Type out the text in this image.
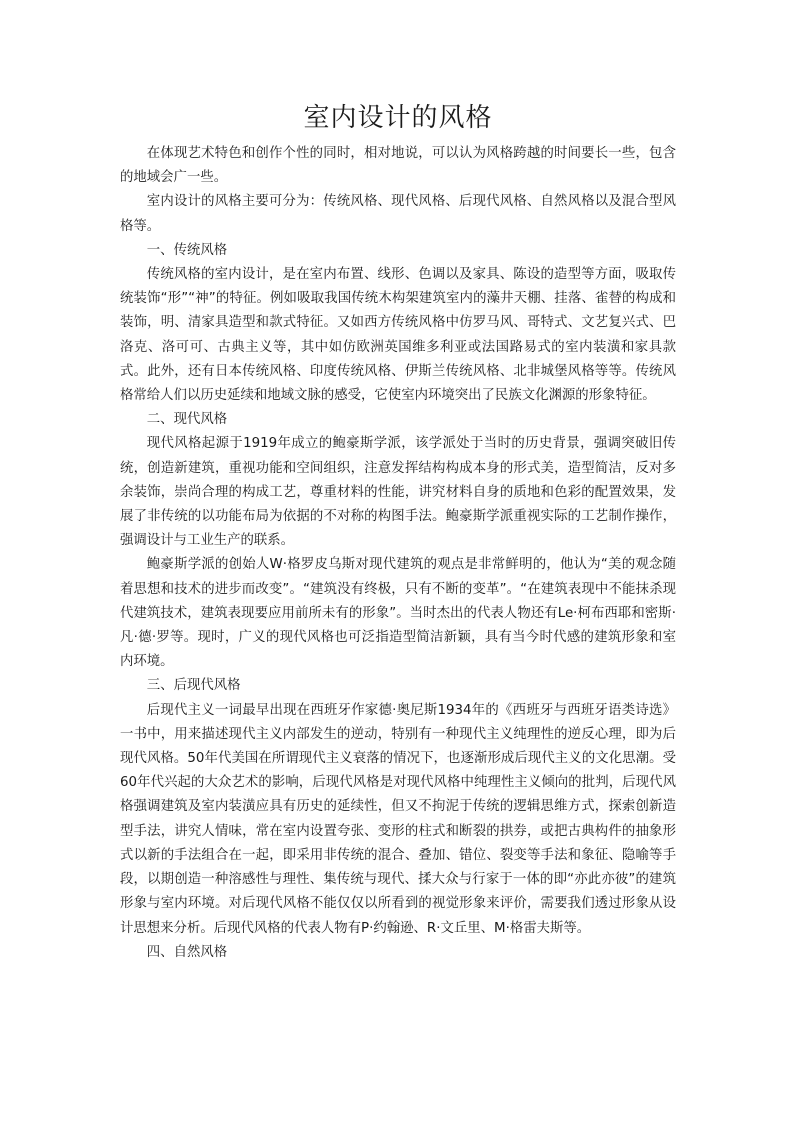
室内设计的风格

在体现艺术特色和创作个性的同时，相对地说，可以认为风格跨越的时间要长一些，包含的地域会广一些。

室内设计的风格主要可分为：传统风格、现代风格、后现代风格、自然风格以及混合型风格等。

一、传统风格

传统风格的室内设计，是在室内布置、线形、色调以及家具、陈设的造型等方面，吸取传统装饰“形”“神”的特征。例如吸取我国传统木构架建筑室内的藻井天棚、挂落、雀替的构成和装饰，明、清家具造型和款式特征。又如西方传统风格中仿罗马风、哥特式、文艺复兴式、巴洛克、洛可可、古典主义等，其中如仿欧洲英国维多利亚或法国路易式的室内装潢和家具款式。此外，还有日本传统风格、印度传统风格、伊斯兰传统风格、北非城堡风格等等。传统风格常给人们以历史延续和地域文脉的感受，它使室内环境突出了民族文化渊源的形象特征。

二、现代风格

现代风格起源于1919年成立的鲍豪斯学派，该学派处于当时的历史背景，强调突破旧传统，创造新建筑，重视功能和空间组织，注意发挥结构构成本身的形式美，造型简洁，反对多余装饰，崇尚合理的构成工艺，尊重材料的性能，讲究材料自身的质地和色彩的配置效果，发展了非传统的以功能布局为依据的不对称的构图手法。鲍豪斯学派重视实际的工艺制作操作，强调设计与工业生产的联系。

鲍豪斯学派的创始人W·格罗皮乌斯对现代建筑的观点是非常鲜明的，他认为“美的观念随着思想和技术的进步而改变”。“建筑没有终极，只有不断的变革”。“在建筑表现中不能抹杀现代建筑技术，建筑表现要应用前所未有的形象”。当时杰出的代表人物还有Le·柯布西耶和密斯·凡·德·罗等。现时，广义的现代风格也可泛指造型简洁新颖，具有当今时代感的建筑形象和室内环境。

三、后现代风格

后现代主义一词最早出现在西班牙作家德·奥尼斯1934年的《西班牙与西班牙语类诗选》一书中，用来描述现代主义内部发生的逆动，特别有一种现代主义纯理性的逆反心理，即为后现代风格。50年代美国在所谓现代主义衰落的情况下，也逐渐形成后现代主义的文化思潮。受60年代兴起的大众艺术的影响，后现代风格是对现代风格中纯理性主义倾向的批判，后现代风格强调建筑及室内装潢应具有历史的延续性，但又不拘泥于传统的逻辑思维方式，探索创新造型手法，讲究人情味，常在室内设置夸张、变形的柱式和断裂的拱券，或把古典构件的抽象形式以新的手法组合在一起，即采用非传统的混合、叠加、错位、裂变等手法和象征、隐喻等手段，以期创造一种溶感性与理性、集传统与现代、揉大众与行家于一体的即“亦此亦彼”的建筑形象与室内环境。对后现代风格不能仅仅以所看到的视觉形象来评价，需要我们透过形象从设计思想来分析。后现代风格的代表人物有P·约翰逊、R·文丘里、M·格雷夫斯等。

四、自然风格
